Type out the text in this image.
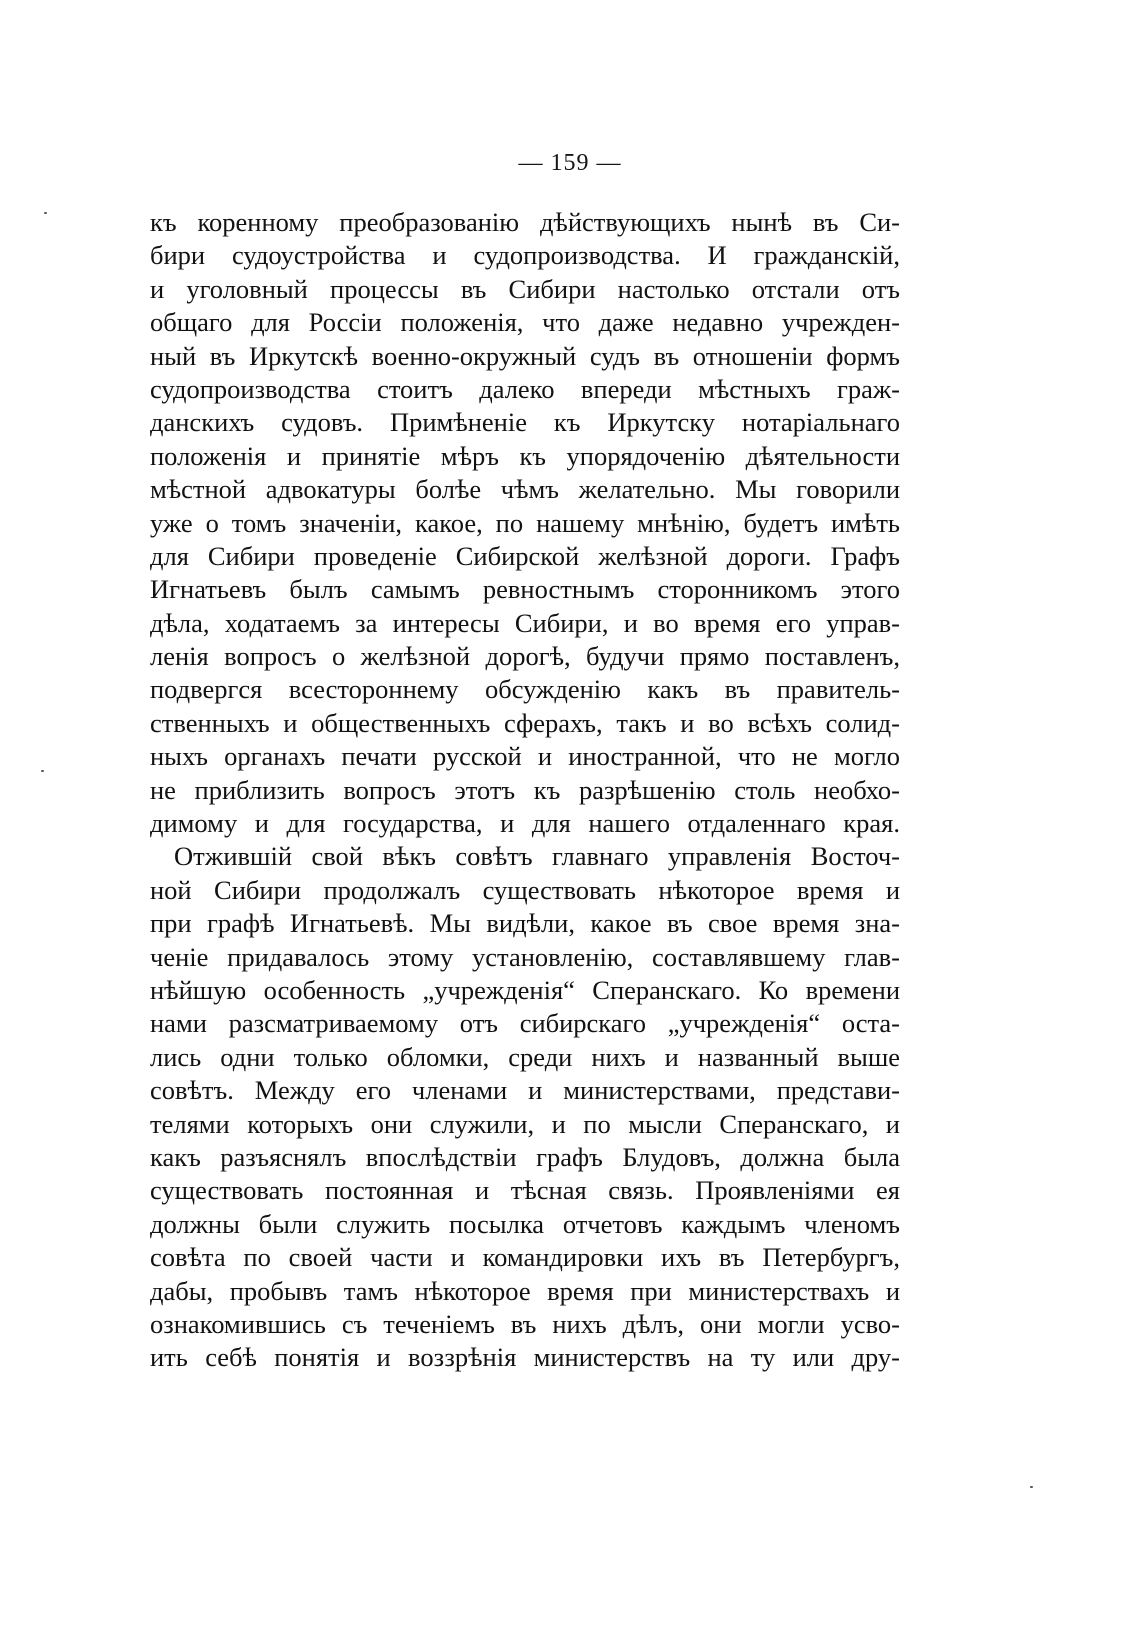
— 159 —
къ коренному преобразованію дѣйствующихъ нынѣ въ Си-
бири судоустройства и судопроизводства. И гражданскій,
и уголовный процессы въ Сибири настолько отстали отъ
общаго для Россіи положенія, что даже недавно учрежден-
ный въ Иркутскѣ военно-окружный судъ въ отношеніи формъ
судопроизводства стоитъ далеко впереди мѣстныхъ граж-
данскихъ судовъ. Примѣненіе къ Иркутску нотаріальнаго
положенія и принятіе мѣръ къ упорядоченію дѣятельности
мѣстной адвокатуры болѣе чѣмъ желательно. Мы говорили
уже о томъ значеніи, какое, по нашему мнѣнію, будетъ имѣть
для Сибири проведеніе Сибирской желѣзной дороги. Графъ
Игнатьевъ былъ самымъ ревностнымъ сторонникомъ этого
дѣла, ходатаемъ за интересы Сибири, и во время его управ-
ленія вопросъ о желѣзной дорогѣ, будучи прямо поставленъ,
подвергся всестороннему обсужденію какъ въ правитель-
ственныхъ и общественныхъ сферахъ, такъ и во всѣхъ солид-
ныхъ органахъ печати русской и иностранной, что не могло
не приблизить вопросъ этотъ къ разрѣшенію столь необхо-
димому и для государства, и для нашего отдаленнаго края.
Отжившій свой вѣкъ совѣтъ главнаго управленія Восточ-
ной Сибири продолжалъ существовать нѣкоторое время и
при графѣ Игнатьевѣ. Мы видѣли, какое въ свое время зна-
ченіе придавалось этому установленію, составлявшему глав-
нѣйшую особенность „учрежденія“ Сперанскаго. Ко времени
нами разсматриваемому отъ сибирскаго „учрежденія“ оста-
лись одни только обломки, среди нихъ и названный выше
совѣтъ. Между его членами и министерствами, представи-
телями которыхъ они служили, и по мысли Сперанскаго, и
какъ разъяснялъ впослѣдствіи графъ Блудовъ, должна была
существовать постоянная и тѣсная связь. Проявленіями ея
должны были служить посылка отчетовъ каждымъ членомъ
совѣта по своей части и командировки ихъ въ Петербургъ,
дабы, пробывъ тамъ нѣкоторое время при министерствахъ и
ознакомившись съ теченіемъ въ нихъ дѣлъ, они могли усво-
ить себѣ понятія и воззрѣнія министерствъ на ту или дру-
